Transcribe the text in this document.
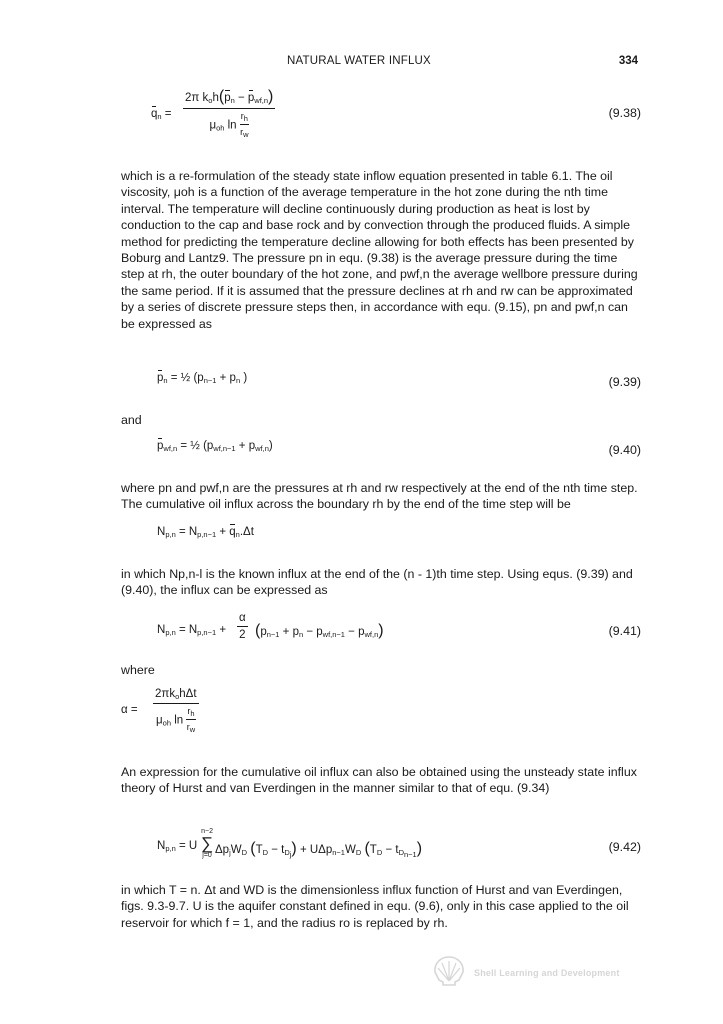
NATURAL WATER INFLUX	334
$q_n$ =
2π $k_oh(p_n - p_{wf,n})$
$\mu_{oh}$ $\ln \frac{r_h}{r_w}$	(9.38)

which is a re-formulation of the steady state inflow equation presented in table 6.1. The oil viscosity, μoh is a function of the average temperature in the hot zone during the nth time interval. The temperature will decline continuously during production as heat is lost by conduction to the cap and base rock and by convection through the produced fluids. A simple method for predicting the temperature decline allowing for both effects has been presented by Boburg and Lantz9. The pressure pn in equ. (9.38) is the average pressure during the time step at rh, the outer boundary of the hot zone, and pwf,n the average wellbore pressure during the same period. If it is assumed that the pressure declines at rh and rw can be approximated by a series of discrete pressure steps then, in accordance with equ. (9.15), pn and pwf,n can be expressed as

$p_n$ = ½ ($p_{n-1} + p_n$ )	(9.39)

and

$p_{wf,n}$ = ½ $(p_{wf,n-1} + p_{wf,n})$	(9.40)

where pn and pwf,n are the pressures at rh and rw respectively at the end of the nth time step. The cumulative oil influx across the boundary rh by the end of the time step will be

$N_{p,n} = N_{p,n-1} + q_n.\Delta t$

in which Np,n-l is the known influx at the end of the (n - 1)th time step. Using equs. (9.39) and (9.40), the influx can be expressed as

$N_{p,n} = N_{p,n-1} + \frac{\alpha}{2} (p_{n-1} + p_n - p_{wf,n-1} - p_{wf,n})$	(9.41)

where

α =
$2\pi k_oh\Delta t$
$\mu_{oh}$ $\ln \frac{r_h}{r_w}$

An expression for the cumulative oil influx can also be obtained using the unsteady state influx theory of Hurst and van Everdingen in the manner similar to that of equ. (9.34)

$N_{p,n} = U$
n−2
∑
j=0 $\Delta p_jW_D$ $(T_D - t_{D_j}) + U\Delta p_{n-1}W_D$ $(T_D - t_{D_{n-1}})$	(9.42)

in which T = n. Δt and WD is the dimensionless influx function of Hurst and van Everdingen, figs. 9.3-9.7. U is the aquifer constant defined in equ. (9.6), only in this case applied to the oil reservoir for which f = 1, and the radius ro is replaced by rh.

Shell Learning and Development
